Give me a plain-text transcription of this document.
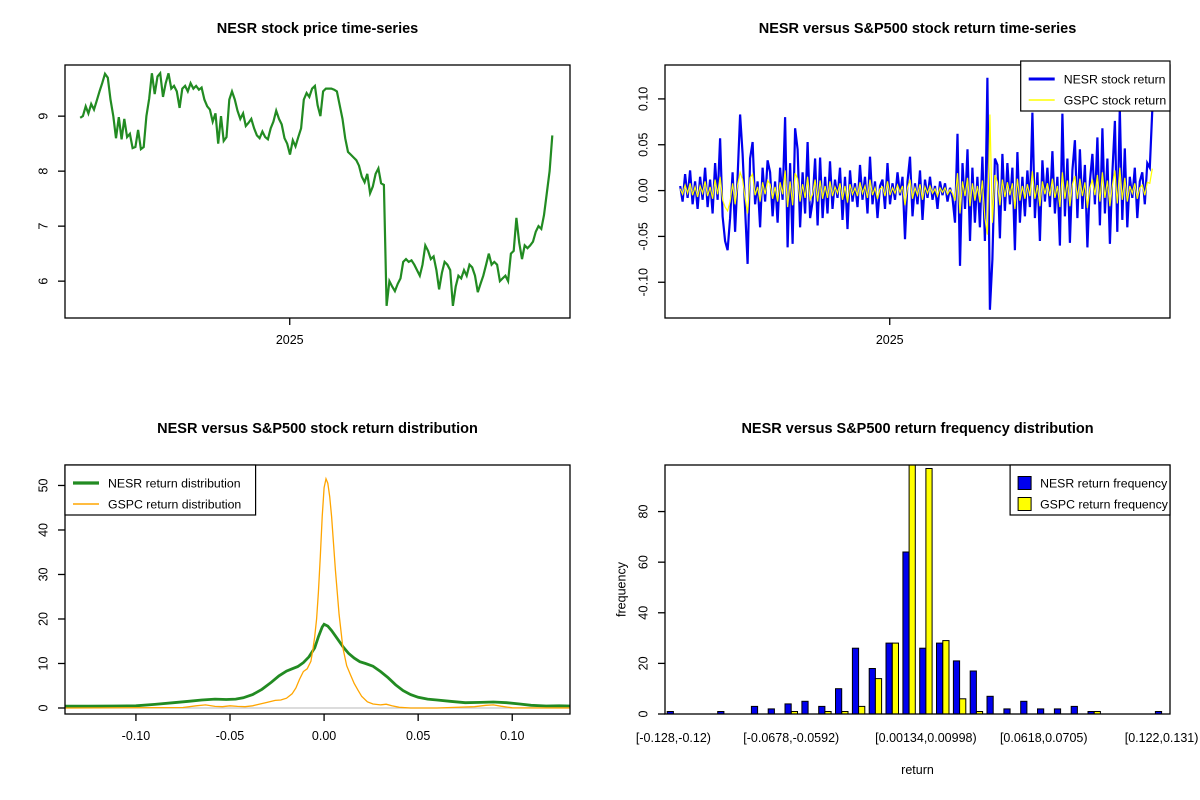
NESR stock price time-series
6
7
8
9
2025
NESR versus S&P500 stock return time-series
-0.10
-0.05
0.00
0.05
0.10
2025
NESR stock return
GSPC stock return
NESR versus S&P500 stock return distribution
0
10
20
30
40
50
-0.10	-0.05	0.00	0.05	0.10
NESR return distribution
GSPC return distribution
NESR versus S&P500 return frequency distribution
0
20
40
60
80
[-0.128,-0.12)	[-0.0678,-0.0592)	[0.00134,0.00998) [0.0618,0.0705)	[0.122,0.131)
return
frequency
NESR return frequency
GSPC return frequency
